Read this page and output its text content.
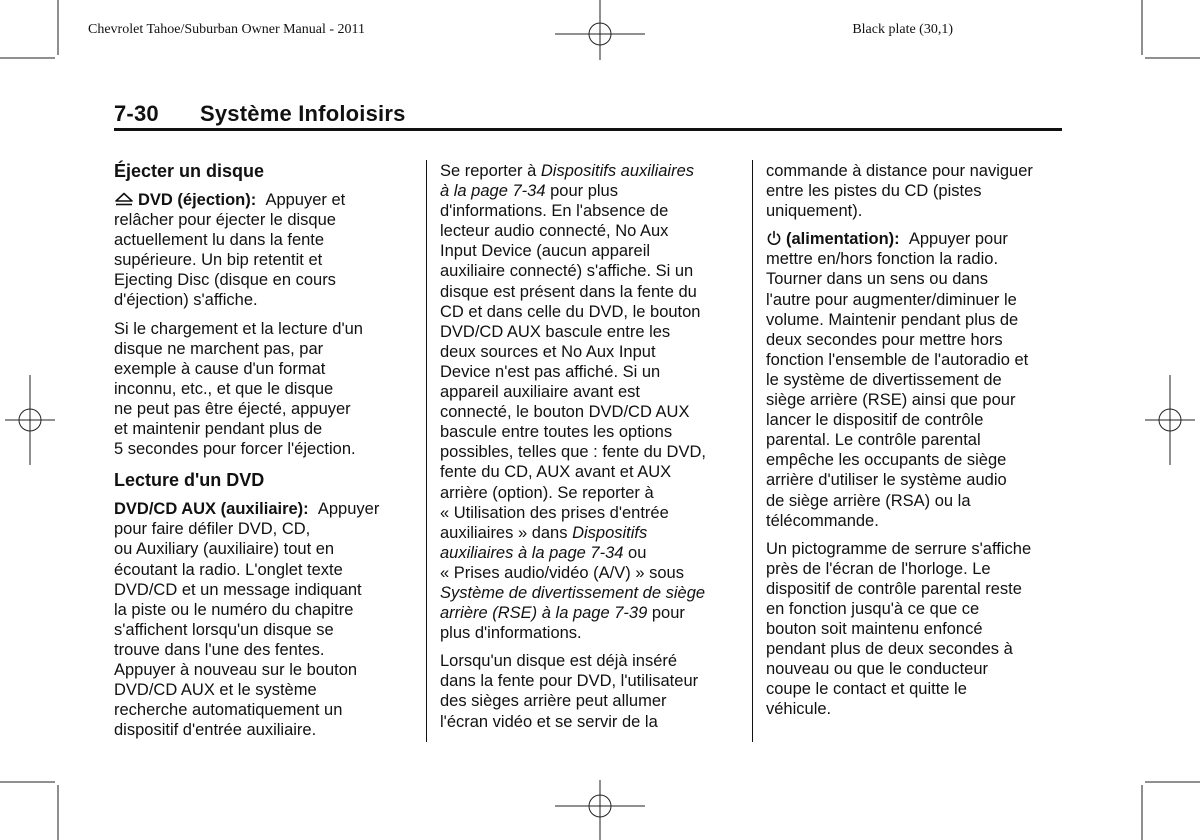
Chevrolet Tahoe/Suburban Owner Manual - 2011	Black plate (30,1)
7-30 Système Infoloisirs
Éjecter un disque

DVD (éjection): Appuyer et
relâcher pour éjecter le disque
actuellement lu dans la fente
supérieure. Un bip retentit et
Ejecting Disc (disque en cours
d'éjection) s'affiche.

Si le chargement et la lecture d'un
disque ne marchent pas, par
exemple à cause d'un format
inconnu, etc., et que le disque
ne peut pas être éjecté, appuyer
et maintenir pendant plus de
5 secondes pour forcer l'éjection.

Lecture d'un DVD

DVD/CD AUX (auxiliaire): Appuyer
pour faire défiler DVD, CD,
ou Auxiliary (auxiliaire) tout en
écoutant la radio. L'onglet texte
DVD/CD et un message indiquant
la piste ou le numéro du chapitre
s'affichent lorsqu'un disque se
trouve dans l'une des fentes.
Appuyer à nouveau sur le bouton
DVD/CD AUX et le système
recherche automatiquement un
dispositif d'entrée auxiliaire.

Se reporter à Dispositifs auxiliaires
à la page 7-34 pour plus
d'informations. En l'absence de
lecteur audio connecté, No Aux
Input Device (aucun appareil
auxiliaire connecté) s'affiche. Si un
disque est présent dans la fente du
CD et dans celle du DVD, le bouton
DVD/CD AUX bascule entre les
deux sources et No Aux Input
Device n'est pas affiché. Si un
appareil auxiliaire avant est
connecté, le bouton DVD/CD AUX
bascule entre toutes les options
possibles, telles que : fente du DVD,
fente du CD, AUX avant et AUX
arrière (option). Se reporter à
« Utilisation des prises d'entrée
auxiliaires » dans Dispositifs
auxiliaires à la page 7-34 ou
« Prises audio/vidéo (A/V) » sous
Système de divertissement de siège
arrière (RSE) à la page 7-39 pour
plus d'informations.

Lorsqu'un disque est déjà inséré
dans la fente pour DVD, l'utilisateur
des sièges arrière peut allumer
l'écran vidéo et se servir de la

commande à distance pour naviguer
entre les pistes du CD (pistes
uniquement).

(alimentation): Appuyer pour
mettre en/hors fonction la radio.
Tourner dans un sens ou dans
l'autre pour augmenter/diminuer le
volume. Maintenir pendant plus de
deux secondes pour mettre hors
fonction l'ensemble de l'autoradio et
le système de divertissement de
siège arrière (RSE) ainsi que pour
lancer le dispositif de contrôle
parental. Le contrôle parental
empêche les occupants de siège
arrière d'utiliser le système audio
de siège arrière (RSA) ou la
télécommande.

Un pictogramme de serrure s'affiche
près de l'écran de l'horloge. Le
dispositif de contrôle parental reste
en fonction jusqu'à ce que ce
bouton soit maintenu enfoncé
pendant plus de deux secondes à
nouveau ou que le conducteur
coupe le contact et quitte le
véhicule.
